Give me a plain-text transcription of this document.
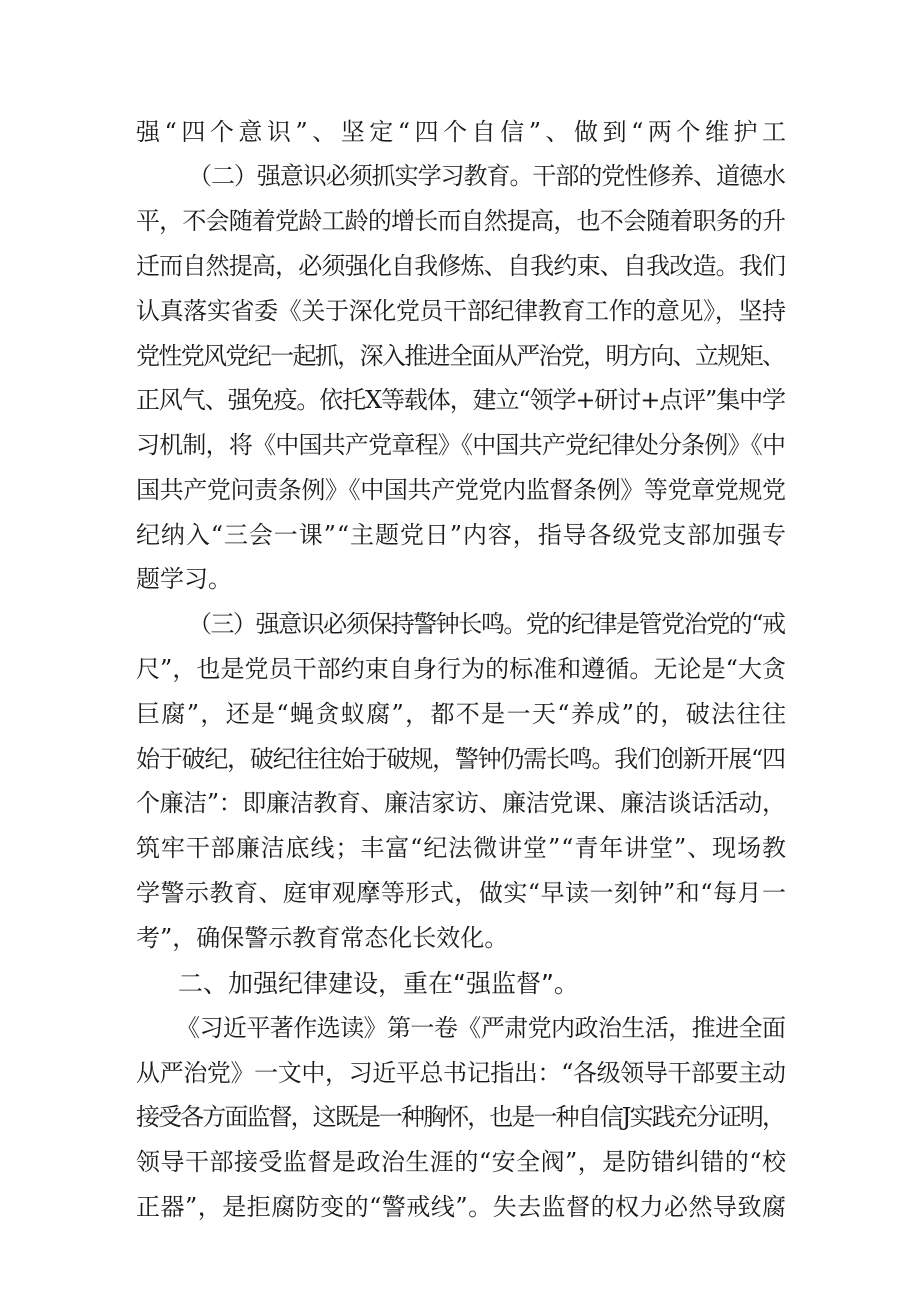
强“四个意识”、坚定“四个自信”、做到“两个维护工
（二）强意识必须抓实学习教育。干部的党性修养、道德水
平，不会随着党龄工龄的增长而自然提高，也不会随着职务的升
迁而自然提高，必须强化自我修炼、自我约束、自我改造。我们
认真落实省委《关于深化党员干部纪律教育工作的意见》，坚持
党性党风党纪一起抓，深入推进全面从严治党，明方向、立规矩、
正风气、强免疫。依托X等载体，建立“领学+研讨+点评”集中学
习机制，将《中国共产党章程》《中国共产党纪律处分条例》《中
国共产党问责条例》《中国共产党党内监督条例》等党章党规党
纪纳入“三会一课”“主题党日”内容，指导各级党支部加强专
题学习。
（三）强意识必须保持警钟长鸣。党的纪律是管党治党的“戒
尺”，也是党员干部约束自身行为的标准和遵循。无论是“大贪
巨腐”，还是“蝇贪蚁腐”，都不是一天“养成”的，破法往往
始于破纪，破纪往往始于破规，警钟仍需长鸣。我们创新开展“四
个廉洁”：即廉洁教育、廉洁家访、廉洁党课、廉洁谈话活动，
筑牢干部廉洁底线；丰富“纪法微讲堂”“青年讲堂”、现场教
学警示教育、庭审观摩等形式，做实“早读一刻钟”和“每月一
考”，确保警示教育常态化长效化。
二、加强纪律建设，重在“强监督”。
《习近平著作选读》第一卷《严肃党内政治生活，推进全面
从严治党》一文中，习近平总书记指出：“各级领导干部要主动
接受各方面监督，这既是一种胸怀，也是一种自信J实践充分证明，
领导干部接受监督是政治生涯的“安全阀”，是防错纠错的“校
正器”，是拒腐防变的“警戒线”。失去监督的权力必然导致腐
